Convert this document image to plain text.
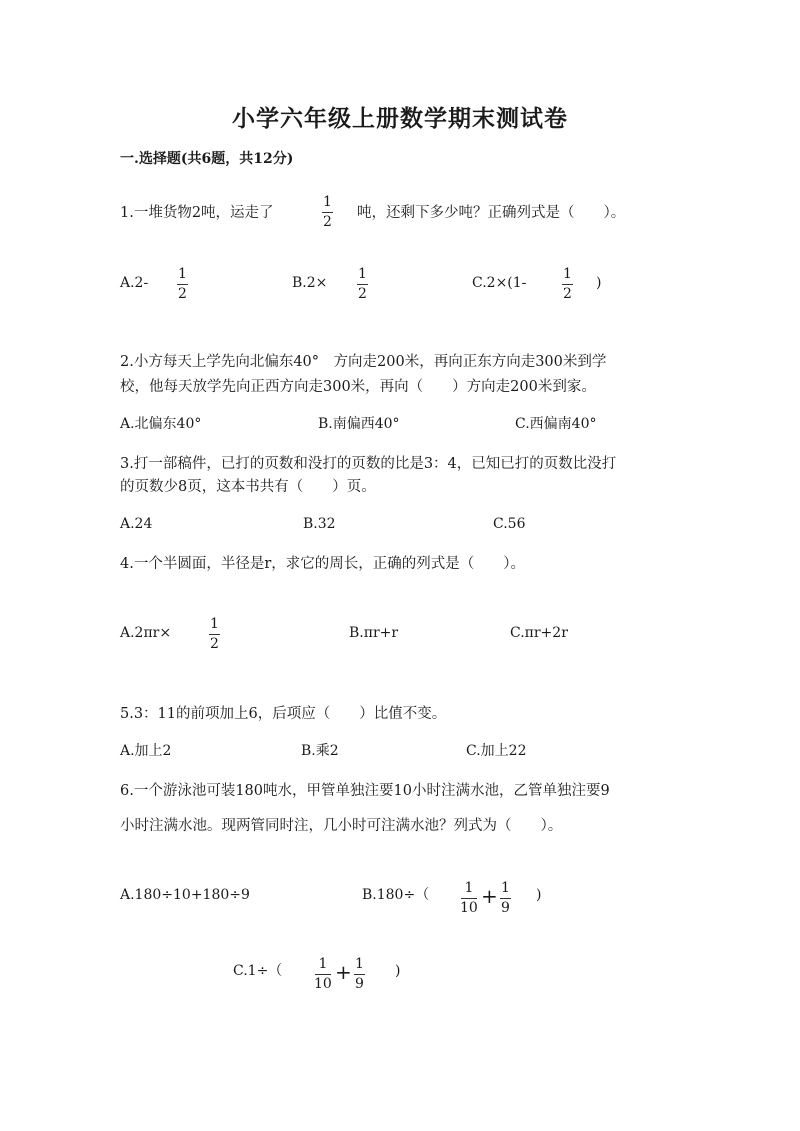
小学六年级上册数学期末测试卷
一.选择题(共6题，共12分)
1.一堆货物2吨，运走了
1
2
吨，还剩下多少吨？正确列式是（　　）。
A.2-
1
2
B.2×
1
2
C.2×(1-
1
2
)
2.小方每天上学先向北偏东40°　方向走200米，再向正东方向走300米到学
校，他每天放学先向正西方向走300米，再向（　　）方向走200米到家。
A.北偏东40°	B.南偏西40°	C.西偏南40°
3.打一部稿件，已打的页数和没打的页数的比是3：4，已知已打的页数比没打
的页数少8页，这本书共有（　　）页。
A.24	B.32	C.56
4.一个半圆面，半径是r，求它的周长，正确的列式是（　　）。
A.2πr×
1
2
B.πr+r	C.πr+2r
5.3：11的前项加上6，后项应（　　）比值不变。
A.加上2	B.乘2	C.加上22
6.一个游泳池可装180吨水，甲管单独注要10小时注满水池，乙管单独注要9
小时注满水池。现两管同时注，几小时可注满水池？列式为（　　）。
A.180÷10+180÷9	B.180÷（	1
10 + 1
9
)
C.1÷（	1
10 + 1
9
)
